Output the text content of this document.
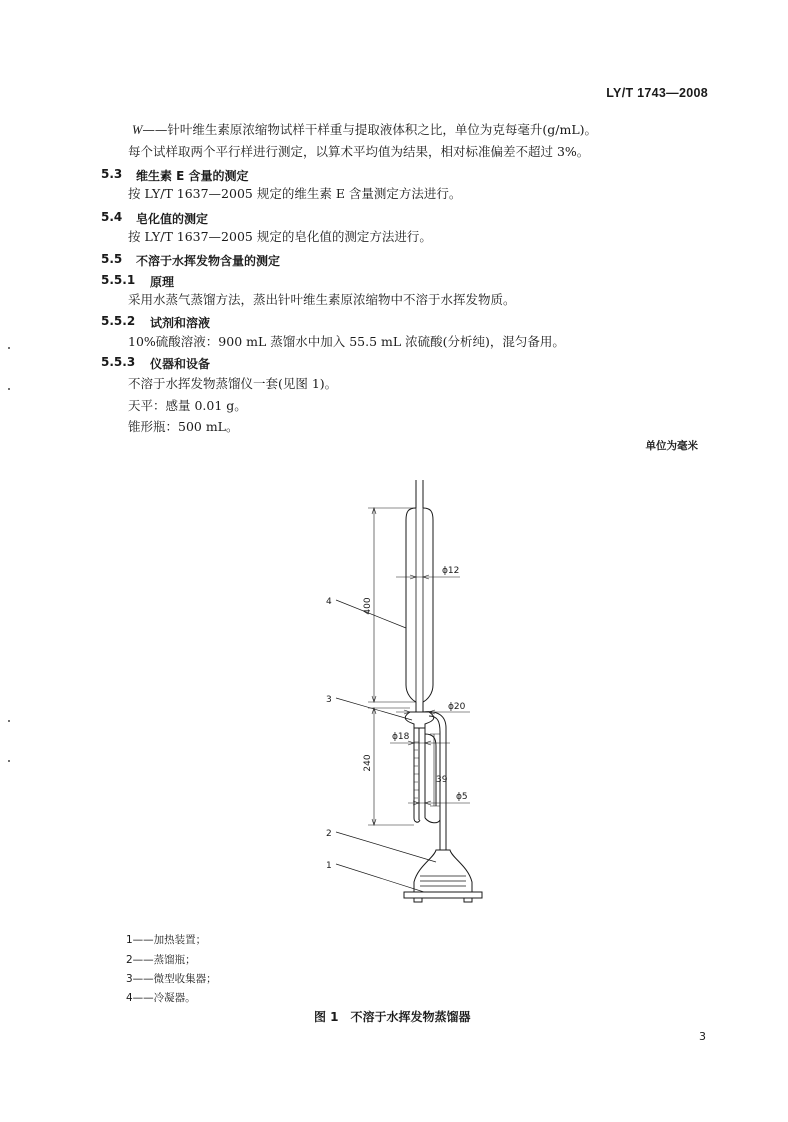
LY/T 1743—2008
W——针叶维生素原浓缩物试样干样重与提取液体积之比，单位为克每毫升(g/mL)。
每个试样取两个平行样进行测定，以算术平均值为结果，相对标准偏差不超过 3%。
5.3 维生素 E 含量的测定
按 LY/T 1637—2005 规定的维生素 E 含量测定方法进行。
5.4 皂化值的测定
按 LY/T 1637—2005 规定的皂化值的测定方法进行。
5.5 不溶于水挥发物含量的测定
5.5.1 原理
采用水蒸气蒸馏方法，蒸出针叶维生素原浓缩物中不溶于水挥发物质。
5.5.2 试剂和溶液
10%硫酸溶液：900 mL 蒸馏水中加入 55.5 mL 浓硫酸(分析纯)，混匀备用。
5.5.3 仪器和设备
不溶于水挥发物蒸馏仪一套(见图 1)。
天平：感量 0.01 g。
锥形瓶：500 mL。
单位为毫米
400
240
ϕ12
ϕ20
ϕ18
39
ϕ5
4
3
2
1
1——加热装置；
2——蒸馏瓶；
3——微型收集器；
4——冷凝器。
图 1　不溶于水挥发物蒸馏器
3
